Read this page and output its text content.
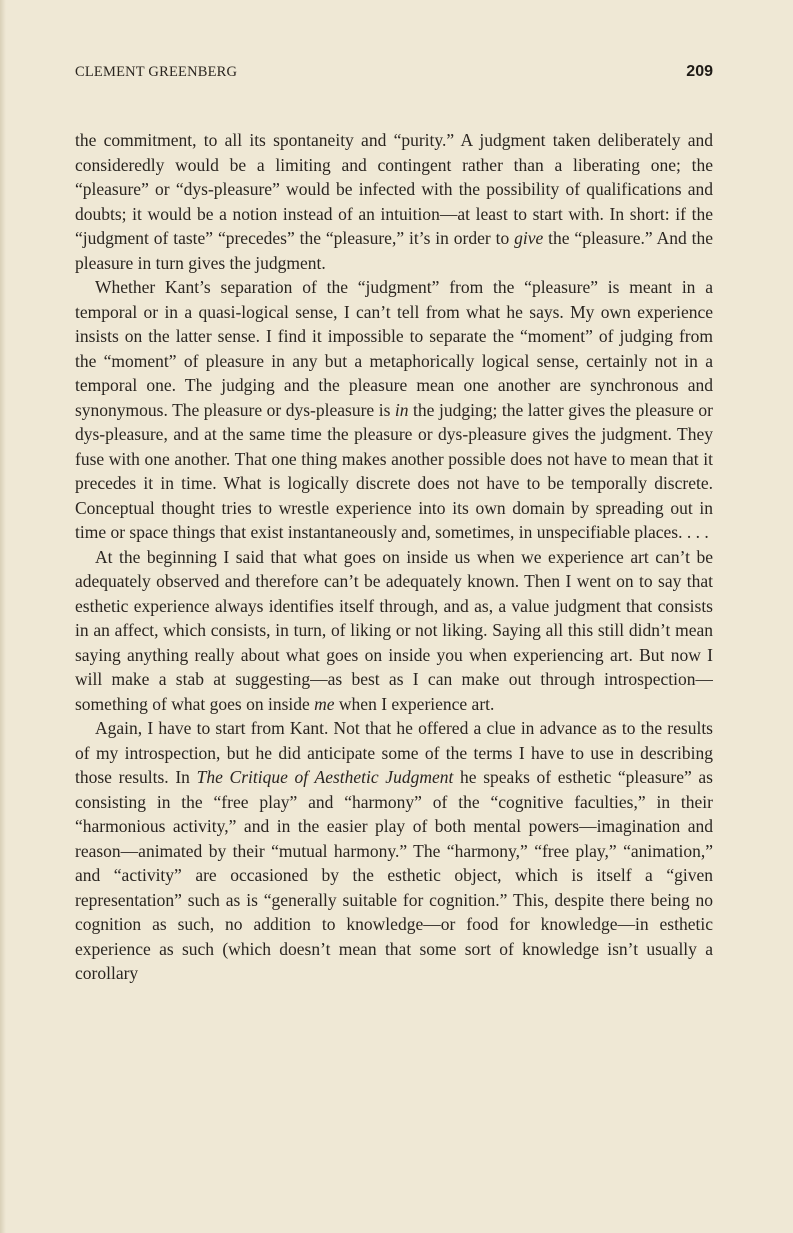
CLEMENT GREENBERG	209

the commitment, to all its spontaneity and “purity.” A judgment taken deliberately and consideredly would be a limiting and contingent rather than a liberating one; the “pleasure” or “dys-pleasure” would be infected with the possibility of qualifications and doubts; it would be a notion instead of an intuition—at least to start with. In short: if the “judgment of taste” “precedes” the “pleasure,” it’s in order to give the “pleasure.” And the pleasure in turn gives the judgment.

Whether Kant’s separation of the “judgment” from the “pleasure” is meant in a temporal or in a quasi-logical sense, I can’t tell from what he says. My own experience insists on the latter sense. I find it impossible to separate the “moment” of judging from the “moment” of pleasure in any but a metaphorically logical sense, certainly not in a temporal one. The judging and the pleasure mean one another are synchronous and synonymous. The pleasure or dys-pleasure is in the judging; the latter gives the pleasure or dys-pleasure, and at the same time the pleasure or dys-pleasure gives the judgment. They fuse with one another. That one thing makes another possible does not have to mean that it precedes it in time. What is logically discrete does not have to be temporally discrete. Conceptual thought tries to wrestle experience into its own domain by spreading out in time or space things that exist instantaneously and, sometimes, in unspecifiable places. . . .

At the beginning I said that what goes on inside us when we experience art can’t be adequately observed and therefore can’t be adequately known. Then I went on to say that esthetic experience always identifies itself through, and as, a value judgment that consists in an affect, which consists, in turn, of liking or not liking. Saying all this still didn’t mean saying anything really about what goes on inside you when experiencing art. But now I will make a stab at suggesting—as best as I can make out through introspection—something of what goes on inside me when I experience art.

Again, I have to start from Kant. Not that he offered a clue in advance as to the results of my introspection, but he did anticipate some of the terms I have to use in describing those results. In The Critique of Aesthetic Judgment he speaks of esthetic “pleasure” as consisting in the “free play” and “harmony” of the “cognitive faculties,” in their “harmonious activity,” and in the easier play of both mental powers—imagination and reason—animated by their “mutual harmony.” The “harmony,” “free play,” “animation,” and “activity” are occasioned by the esthetic object, which is itself a “given representation” such as is “generally suitable for cognition.” This, despite there being no cognition as such, no addition to knowledge—or food for knowledge—in esthetic experience as such (which doesn’t mean that some sort of knowledge isn’t usually a corollary
